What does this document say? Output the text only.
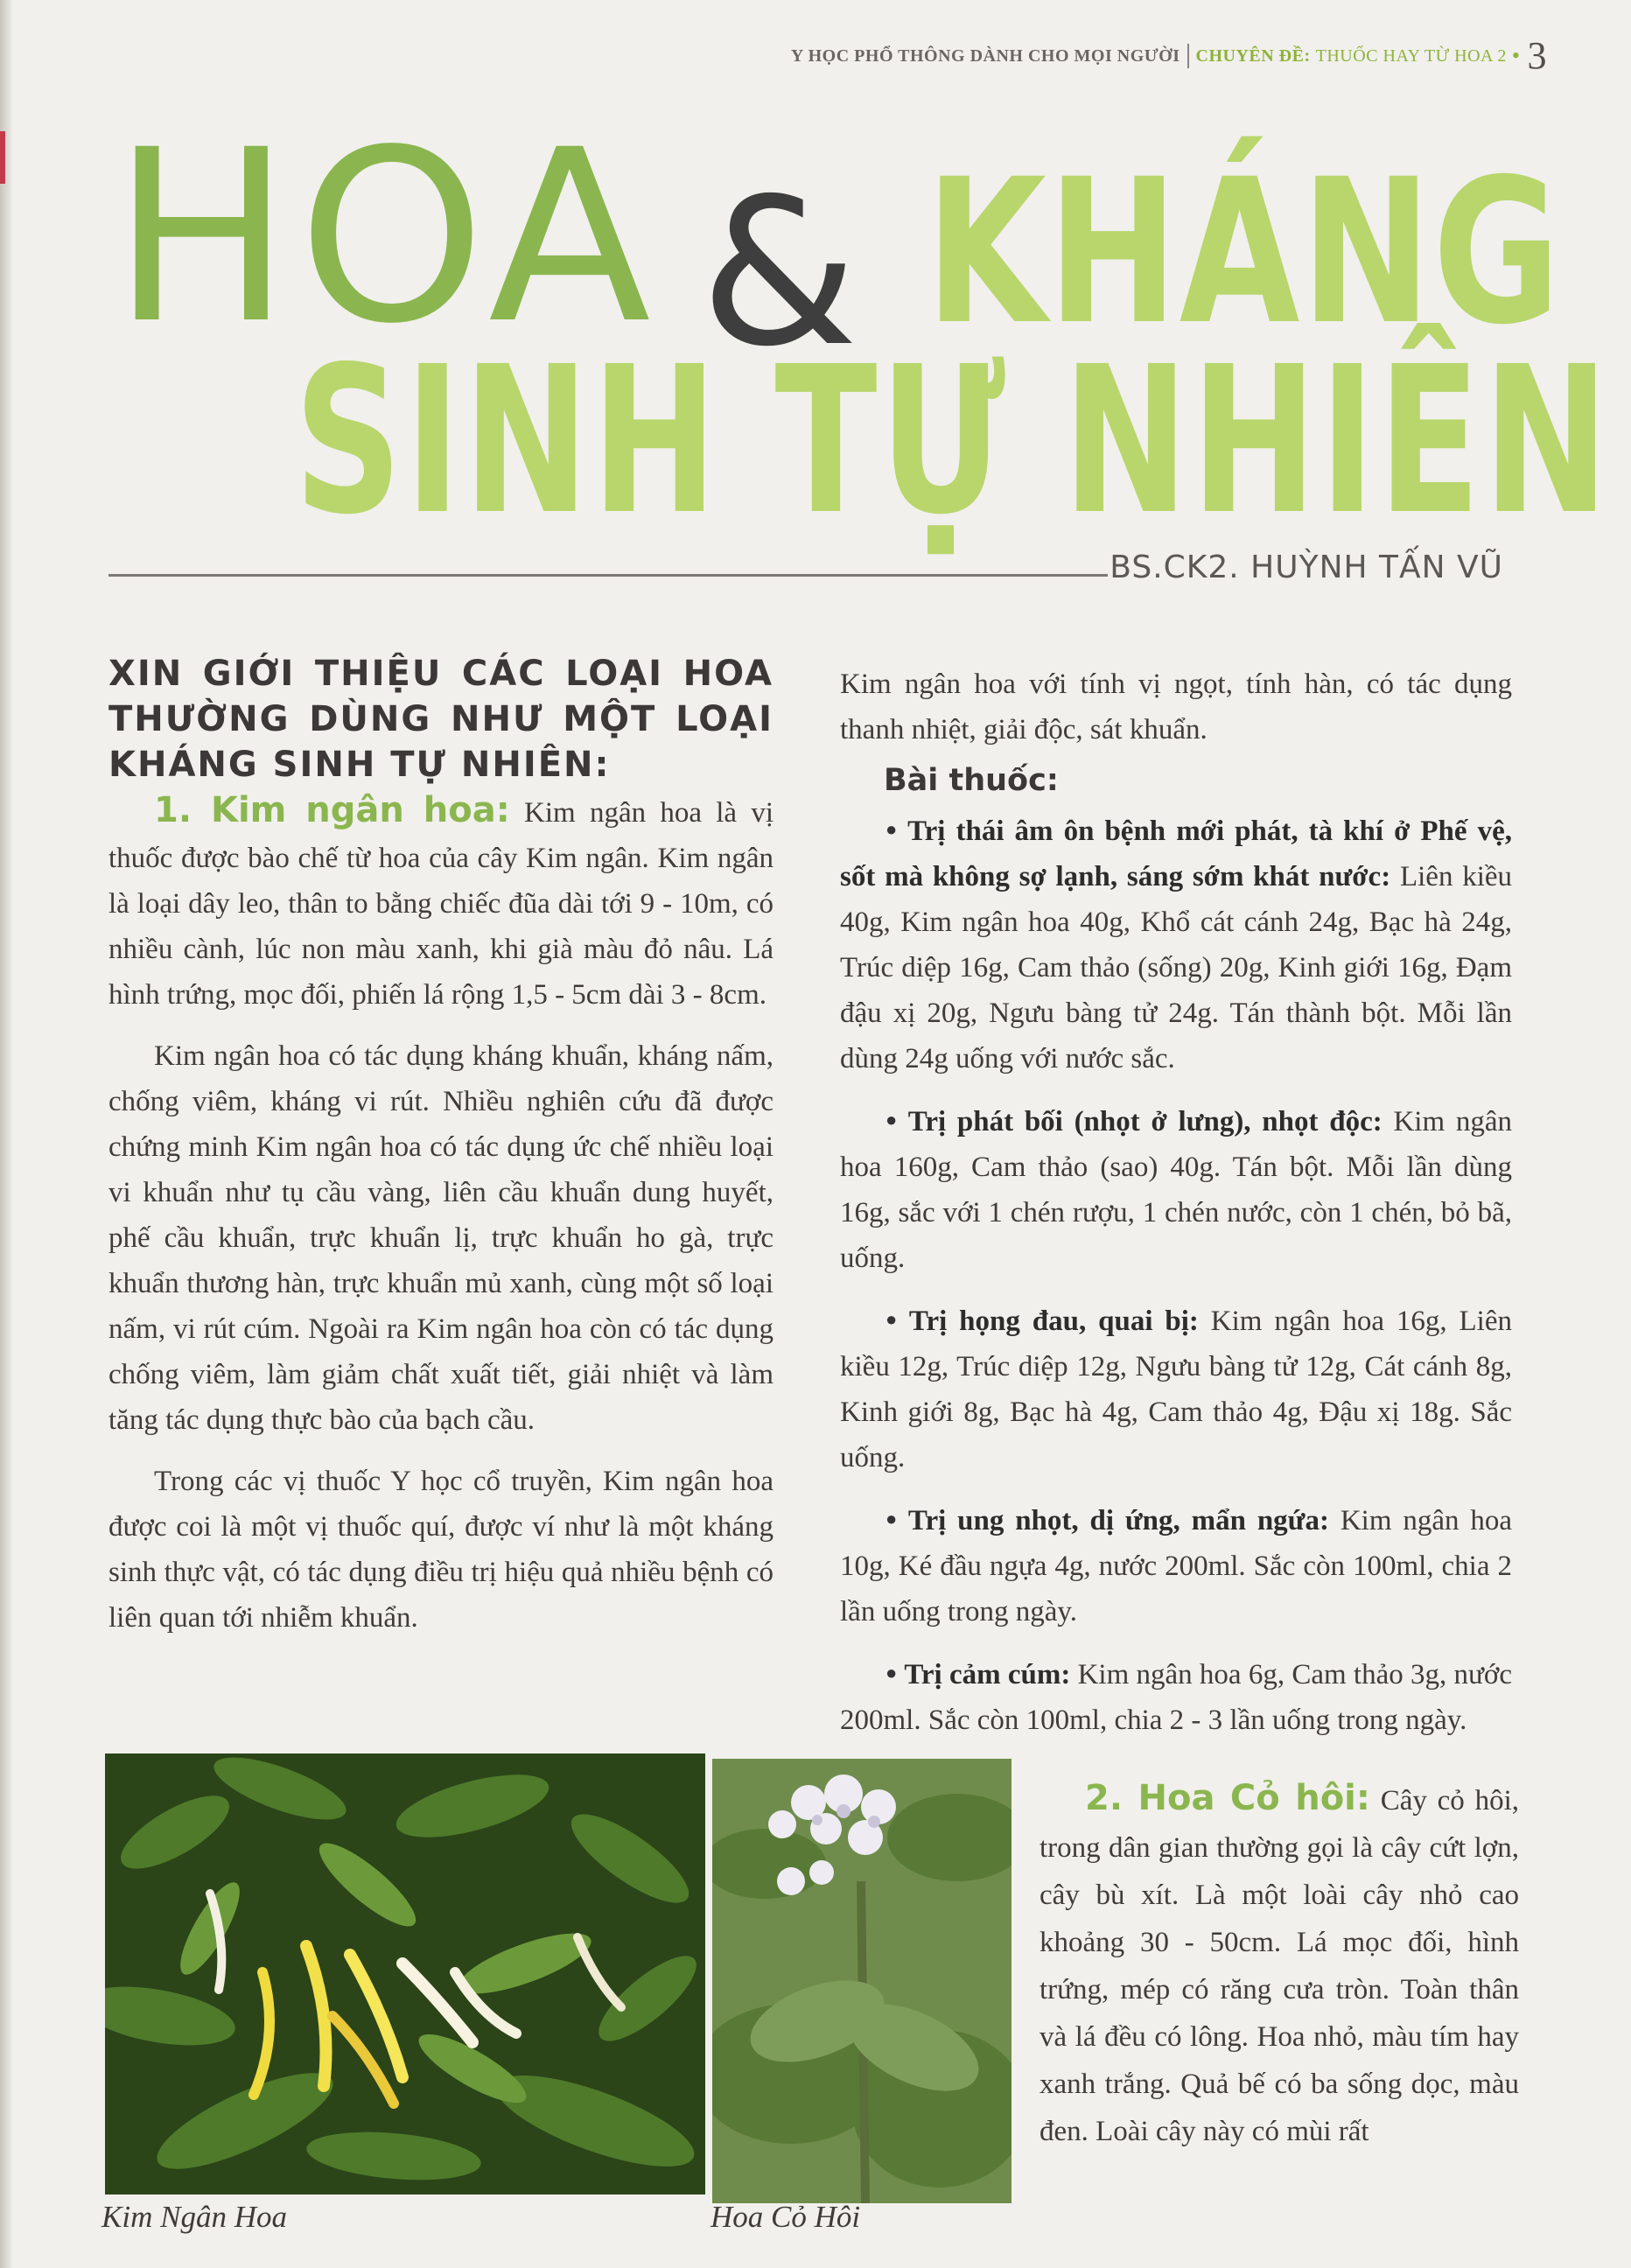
Y HỌC PHỔ THÔNG DÀNH CHO MỌI NGƯỜI CHUYÊN ĐỀ: THUỐC HAY TỪ HOA 2 • 3
HOA & KHÁNG
SINH TỰ NHIÊN
BS.CK2. HUỲNH TẤN VŨ

XIN GIỚI THIỆU CÁC LOẠI HOA THƯỜNG DÙNG NHƯ MỘT LOẠI KHÁNG SINH TỰ NHIÊN:

1. Kim ngân hoa: Kim ngân hoa là vị thuốc được bào chế từ hoa của cây Kim ngân. Kim ngân là loại dây leo, thân to bằng chiếc đũa dài tới 9 - 10m, có nhiều cành, lúc non màu xanh, khi già màu đỏ nâu. Lá hình trứng, mọc đối, phiến lá rộng 1,5 - 5cm dài 3 - 8cm.

Kim ngân hoa có tác dụng kháng khuẩn, kháng nấm, chống viêm, kháng vi rút. Nhiều nghiên cứu đã được chứng minh Kim ngân hoa có tác dụng ức chế nhiều loại vi khuẩn như tụ cầu vàng, liên cầu khuẩn dung huyết, phế cầu khuẩn, trực khuẩn lị, trực khuẩn ho gà, trực khuẩn thương hàn, trực khuẩn mủ xanh, cùng một số loại nấm, vi rút cúm. Ngoài ra Kim ngân hoa còn có tác dụng chống viêm, làm giảm chất xuất tiết, giải nhiệt và làm tăng tác dụng thực bào của bạch cầu.

Trong các vị thuốc Y học cổ truyền, Kim ngân hoa được coi là một vị thuốc quí, được ví như là một kháng sinh thực vật, có tác dụng điều trị hiệu quả nhiều bệnh có liên quan tới nhiễm khuẩn.

Kim ngân hoa với tính vị ngọt, tính hàn, có tác dụng thanh nhiệt, giải độc, sát khuẩn.

Bài thuốc:

● Trị thái âm ôn bệnh mới phát, tà khí ở Phế vệ, sốt mà không sợ lạnh, sáng sớm khát nước: Liên kiều 40g, Kim ngân hoa 40g, Khổ cát cánh 24g, Bạc hà 24g, Trúc diệp 16g, Cam thảo (sống) 20g, Kinh giới 16g, Đạm đậu xị 20g, Ngưu bàng tử 24g. Tán thành bột. Mỗi lần dùng 24g uống với nước sắc.

● Trị phát bối (nhọt ở lưng), nhọt độc: Kim ngân hoa 160g, Cam thảo (sao) 40g. Tán bột. Mỗi lần dùng 16g, sắc với 1 chén rượu, 1 chén nước, còn 1 chén, bỏ bã, uống.

● Trị họng đau, quai bị: Kim ngân hoa 16g, Liên kiều 12g, Trúc diệp 12g, Ngưu bàng tử 12g, Cát cánh 8g, Kinh giới 8g, Bạc hà 4g, Cam thảo 4g, Đậu xị 18g. Sắc uống.

● Trị ung nhọt, dị ứng, mẩn ngứa: Kim ngân hoa 10g, Ké đầu ngựa 4g, nước 200ml. Sắc còn 100ml, chia 2 lần uống trong ngày.

● Trị cảm cúm: Kim ngân hoa 6g, Cam thảo 3g, nước 200ml. Sắc còn 100ml, chia 2 - 3 lần uống trong ngày.

Kim Ngân Hoa	Hoa Cỏ Hôi

2. Hoa Cỏ hôi: Cây cỏ hôi, trong dân gian thường gọi là cây cứt lợn, cây bù xít. Là một loài cây nhỏ cao khoảng 30 - 50cm. Lá mọc đối, hình trứng, mép có răng cưa tròn. Toàn thân và lá đều có lông. Hoa nhỏ, màu tím hay xanh trắng. Quả bế có ba sống dọc, màu đen. Loài cây này có mùi rất
